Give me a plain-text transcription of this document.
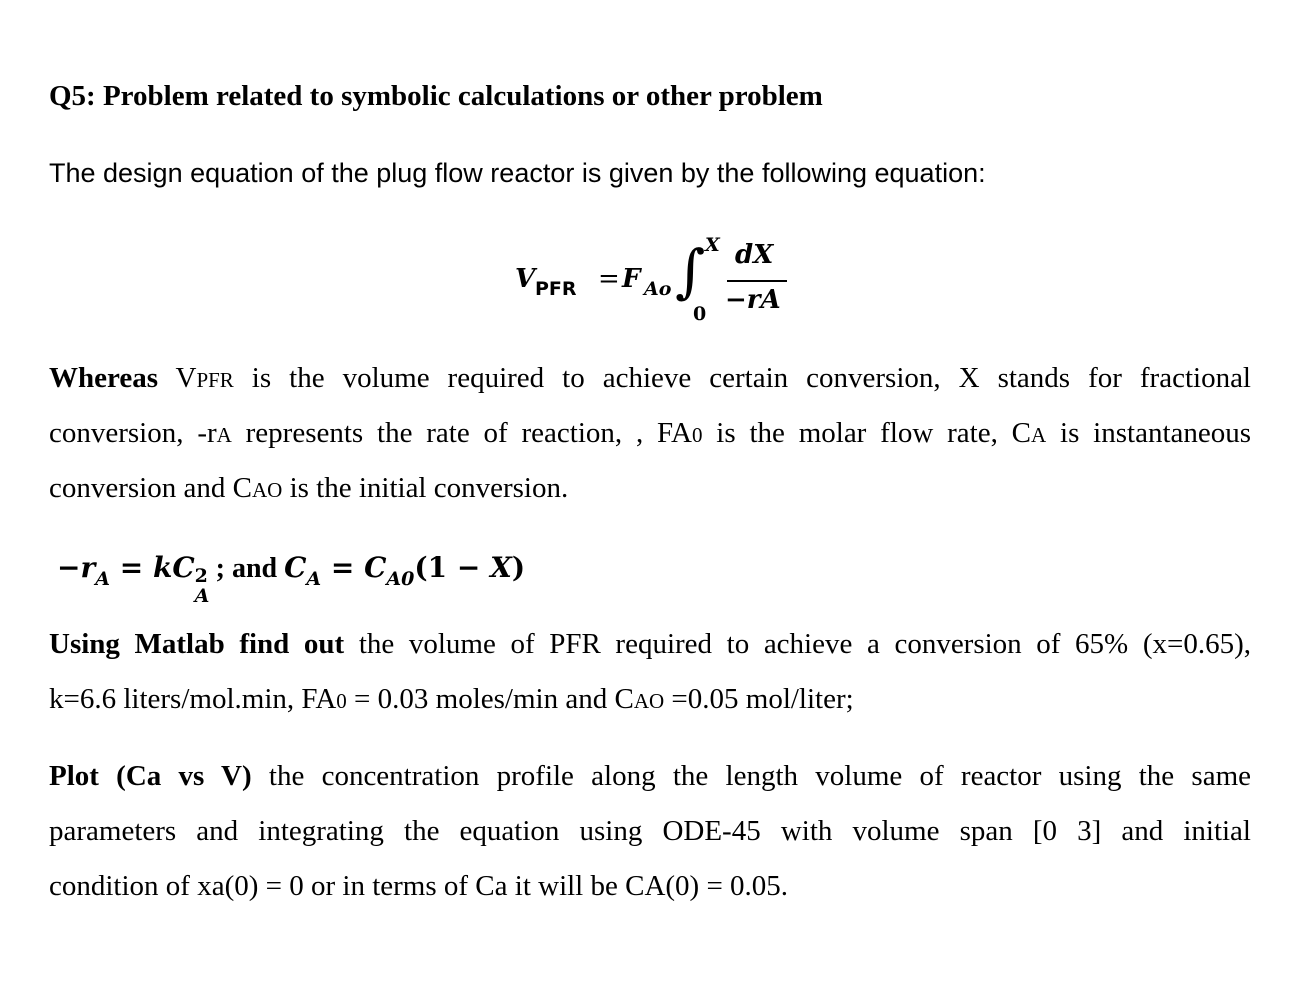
Q5: Problem related to symbolic calculations or other problem
The design equation of the plug flow reactor is given by the following equation:
V PFR = F Ao ∫ X
0
dX
−rA
Whereas VPFR is the volume required to achieve certain conversion, X stands for fractional
conversion, -rA represents the rate of reaction, , FA0 is the molar flow rate, CA is instantaneous
conversion and CAO is the initial conversion.
$-r_A$ = kC 2
A
; and $C_A = C_{A0}(1 - X)$
Using Matlab find out the volume of PFR required to achieve a conversion of 65% (x=0.65),
k=6.6 liters/mol.min, FA0 = 0.03 moles/min and CAO =0.05 mol/liter;
Plot (Ca vs V) the concentration profile along the length volume of reactor using the same
parameters and integrating the equation using ODE-45 with volume span [0 3] and initial
condition of xa(0) = 0 or in terms of Ca it will be CA(0) = 0.05.
